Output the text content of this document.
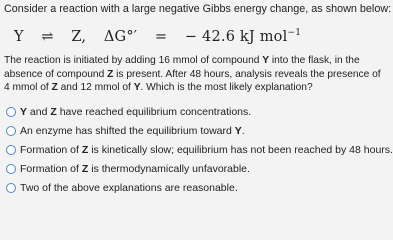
Consider a reaction with a large negative Gibbs energy change, as shown below:
Y ⇌ Z, ΔG°′ = − 42.6 kJ mol$^{-1}$

The reaction is initiated by adding 16 mmol of compound Y into the flask, in the

absence of compound Z is present. After 48 hours, analysis reveals the presence of

4 mmol of Z and 12 mmol of Y. Which is the most likely explanation?

Y and Z have reached equilibrium concentrations.
An enzyme has shifted the equilibrium toward Y.
Formation of Z is kinetically slow; equilibrium has not been reached by 48 hours.
Formation of Z is thermodynamically unfavorable.
Two of the above explanations are reasonable.
